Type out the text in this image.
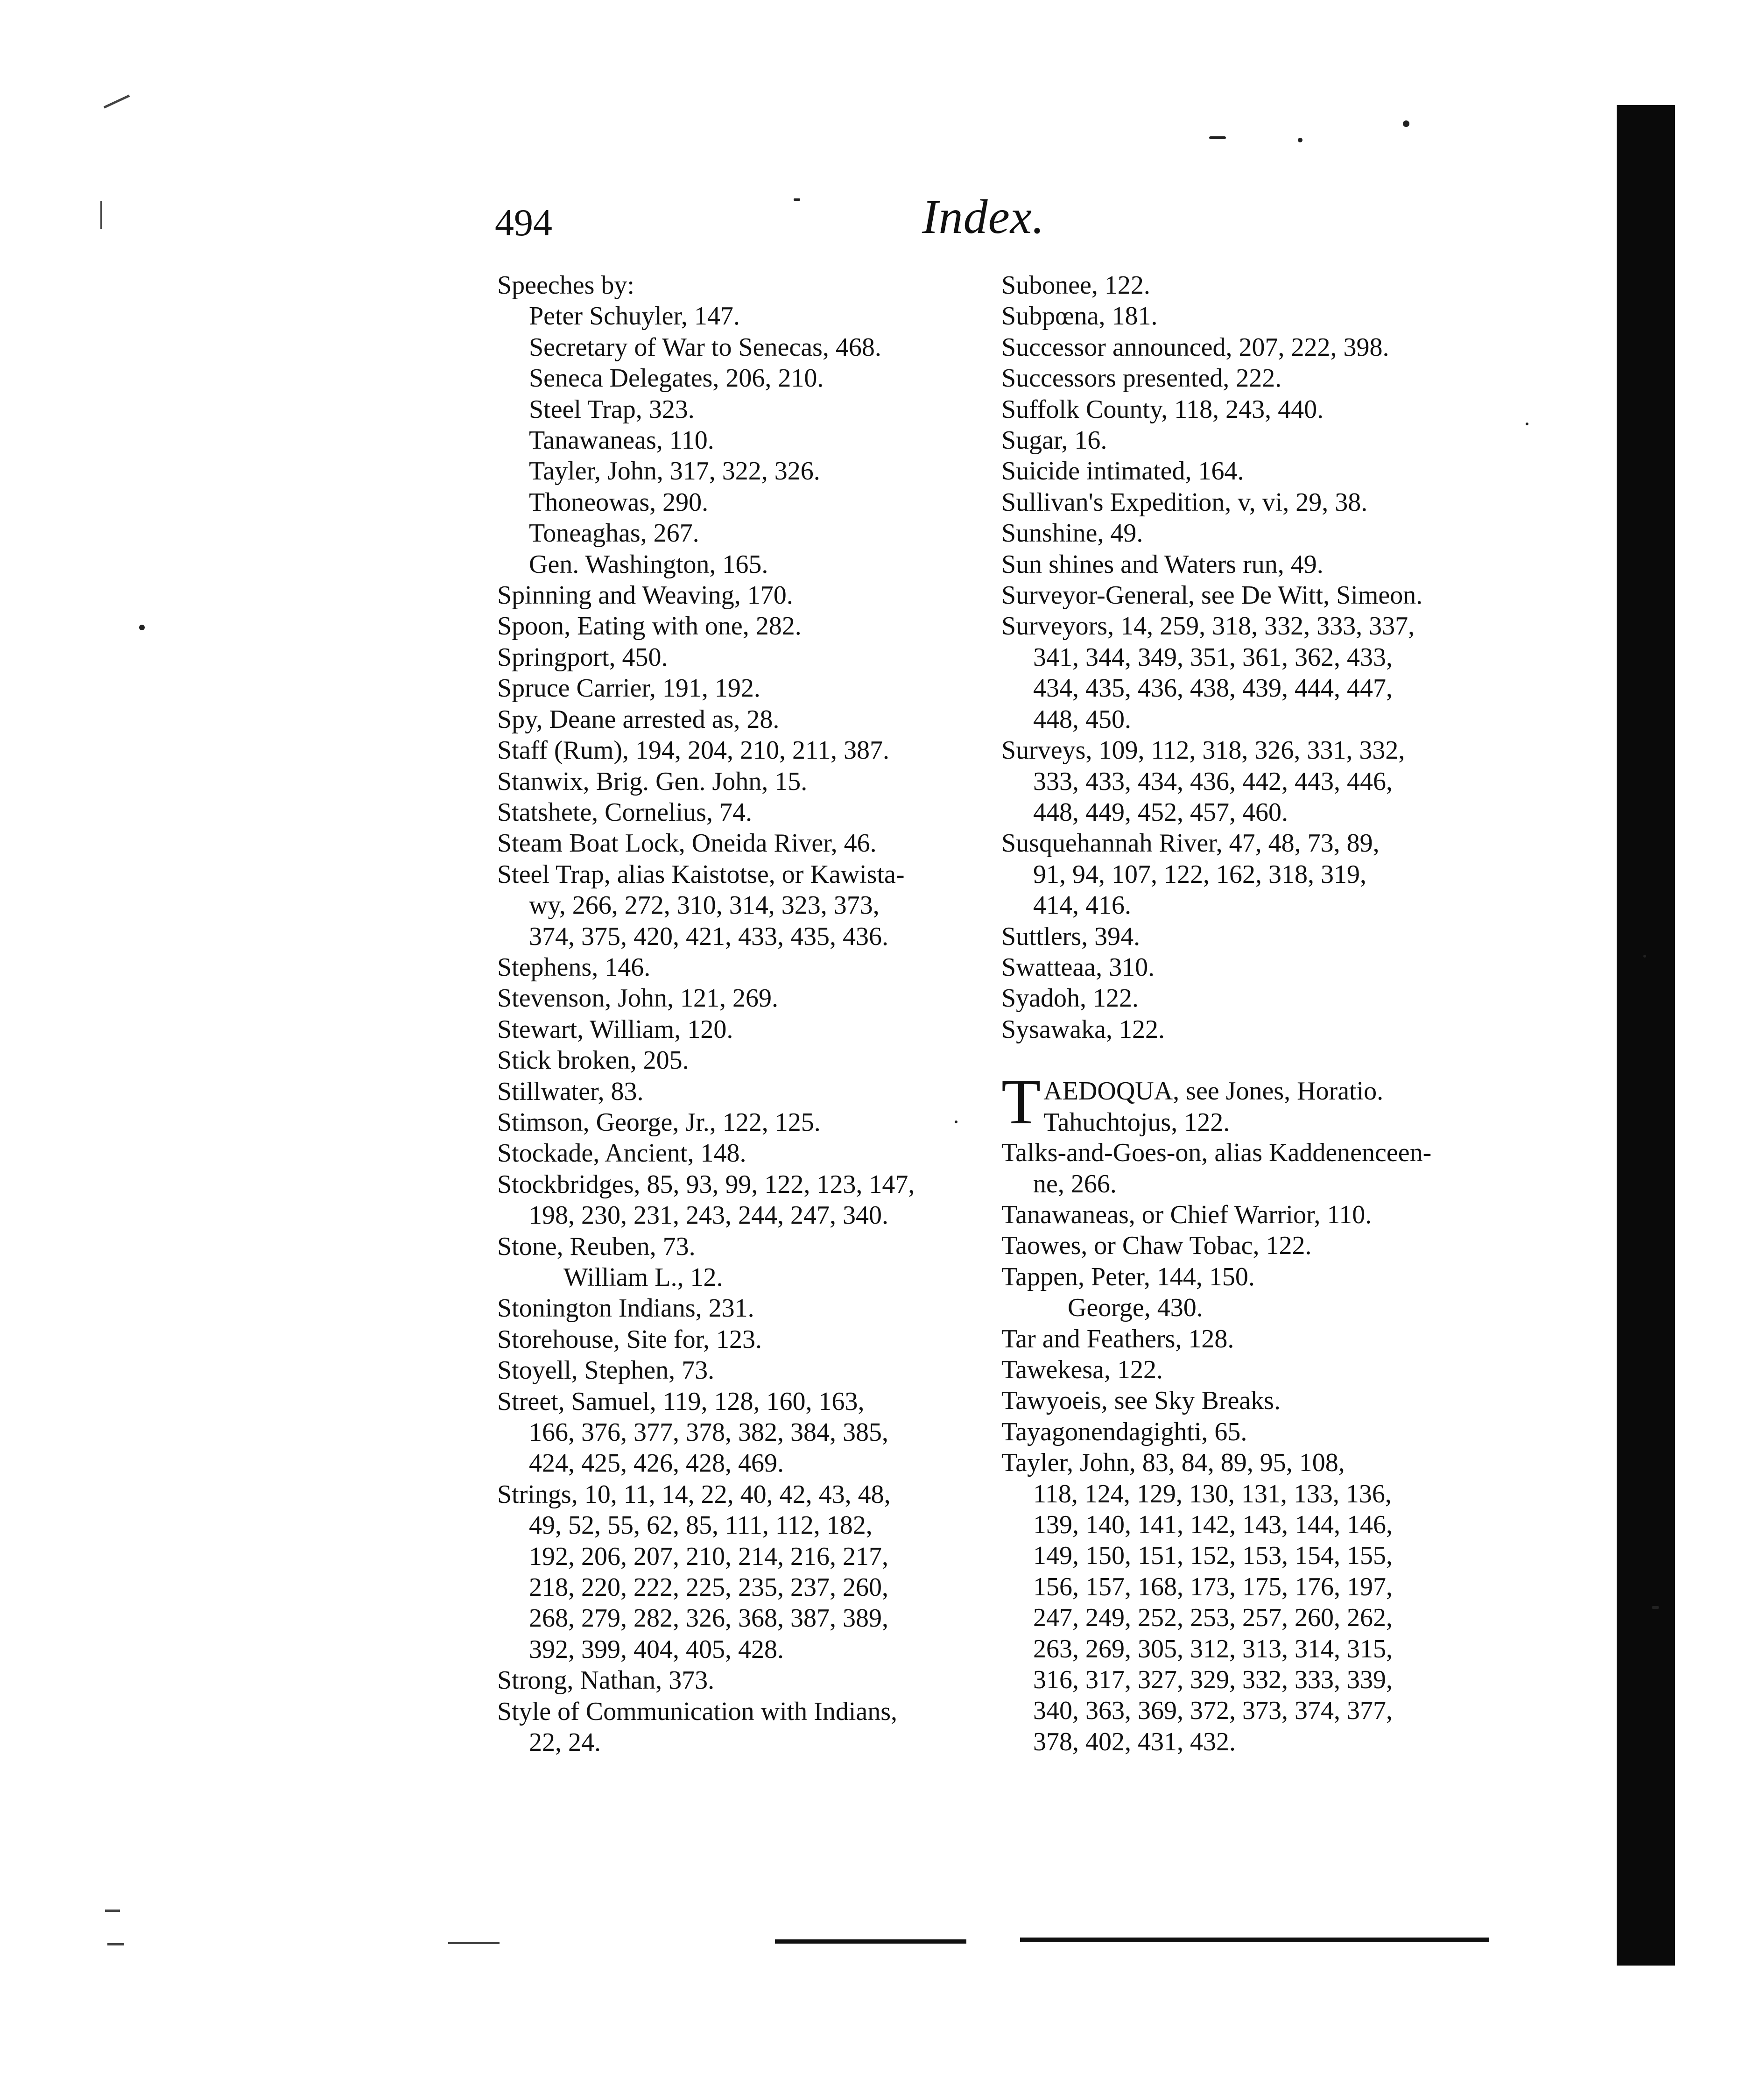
494	Index.
Speeches by:
Peter Schuyler, 147.
Secretary of War to Senecas, 468.
Seneca Delegates, 206, 210.
Steel Trap, 323.
Tanawaneas, 110.
Tayler, John, 317, 322, 326.
Thoneowas, 290.
Toneaghas, 267.
Gen. Washington, 165.
Spinning and Weaving, 170.
Spoon, Eating with one, 282.
Springport, 450.
Spruce Carrier, 191, 192.
Spy, Deane arrested as, 28.
Staff (Rum), 194, 204, 210, 211, 387.
Stanwix, Brig. Gen. John, 15.
Statshete, Cornelius, 74.
Steam Boat Lock, Oneida River, 46.
Steel Trap, alias Kaistotse, or Kawista-
wy, 266, 272, 310, 314, 323, 373,
374, 375, 420, 421, 433, 435, 436.
Stephens, 146.
Stevenson, John, 121, 269.
Stewart, William, 120.
Stick broken, 205.
Stillwater, 83.
Stimson, George, Jr., 122, 125.
Stockade, Ancient, 148.
Stockbridges, 85, 93, 99, 122, 123, 147,
198, 230, 231, 243, 244, 247, 340.
Stone, Reuben, 73.
William L., 12.
Stonington Indians, 231.
Storehouse, Site for, 123.
Stoyell, Stephen, 73.
Street, Samuel, 119, 128, 160, 163,
166, 376, 377, 378, 382, 384, 385,
424, 425, 426, 428, 469.
Strings, 10, 11, 14, 22, 40, 42, 43, 48,
49, 52, 55, 62, 85, 111, 112, 182,
192, 206, 207, 210, 214, 216, 217,
218, 220, 222, 225, 235, 237, 260,
268, 279, 282, 326, 368, 387, 389,
392, 399, 404, 405, 428.
Strong, Nathan, 373.
Style of Communication with Indians,
22, 24.
Subonee, 122.
Subpœna, 181.
Successor announced, 207, 222, 398.
Successors presented, 222.
Suffolk County, 118, 243, 440.
Sugar, 16.
Suicide intimated, 164.
Sullivan's Expedition, v, vi, 29, 38.
Sunshine, 49.
Sun shines and Waters run, 49.
Surveyor-General, see De Witt, Simeon.
Surveyors, 14, 259, 318, 332, 333, 337,
341, 344, 349, 351, 361, 362, 433,
434, 435, 436, 438, 439, 444, 447,
448, 450.
Surveys, 109, 112, 318, 326, 331, 332,
333, 433, 434, 436, 442, 443, 446,
448, 449, 452, 457, 460.
Susquehannah River, 47, 48, 73, 89,
91, 94, 107, 122, 162, 318, 319,
414, 416.
Suttlers, 394.
Swatteaa, 310.
Syadoh, 122.
Sysawaka, 122.
T AEDOQUA, see Jones, Horatio.
Tahuchtojus, 122.
Talks-and-Goes-on, alias Kaddenenceen-
ne, 266.
Tanawaneas, or Chief Warrior, 110.
Taowes, or Chaw Tobac, 122.
Tappen, Peter, 144, 150.
George, 430.
Tar and Feathers, 128.
Tawekesa, 122.
Tawyoeis, see Sky Breaks.
Tayagonendagighti, 65.
Tayler, John, 83, 84, 89, 95, 108,
118, 124, 129, 130, 131, 133, 136,
139, 140, 141, 142, 143, 144, 146,
149, 150, 151, 152, 153, 154, 155,
156, 157, 168, 173, 175, 176, 197,
247, 249, 252, 253, 257, 260, 262,
263, 269, 305, 312, 313, 314, 315,
316, 317, 327, 329, 332, 333, 339,
340, 363, 369, 372, 373, 374, 377,
378, 402, 431, 432.
